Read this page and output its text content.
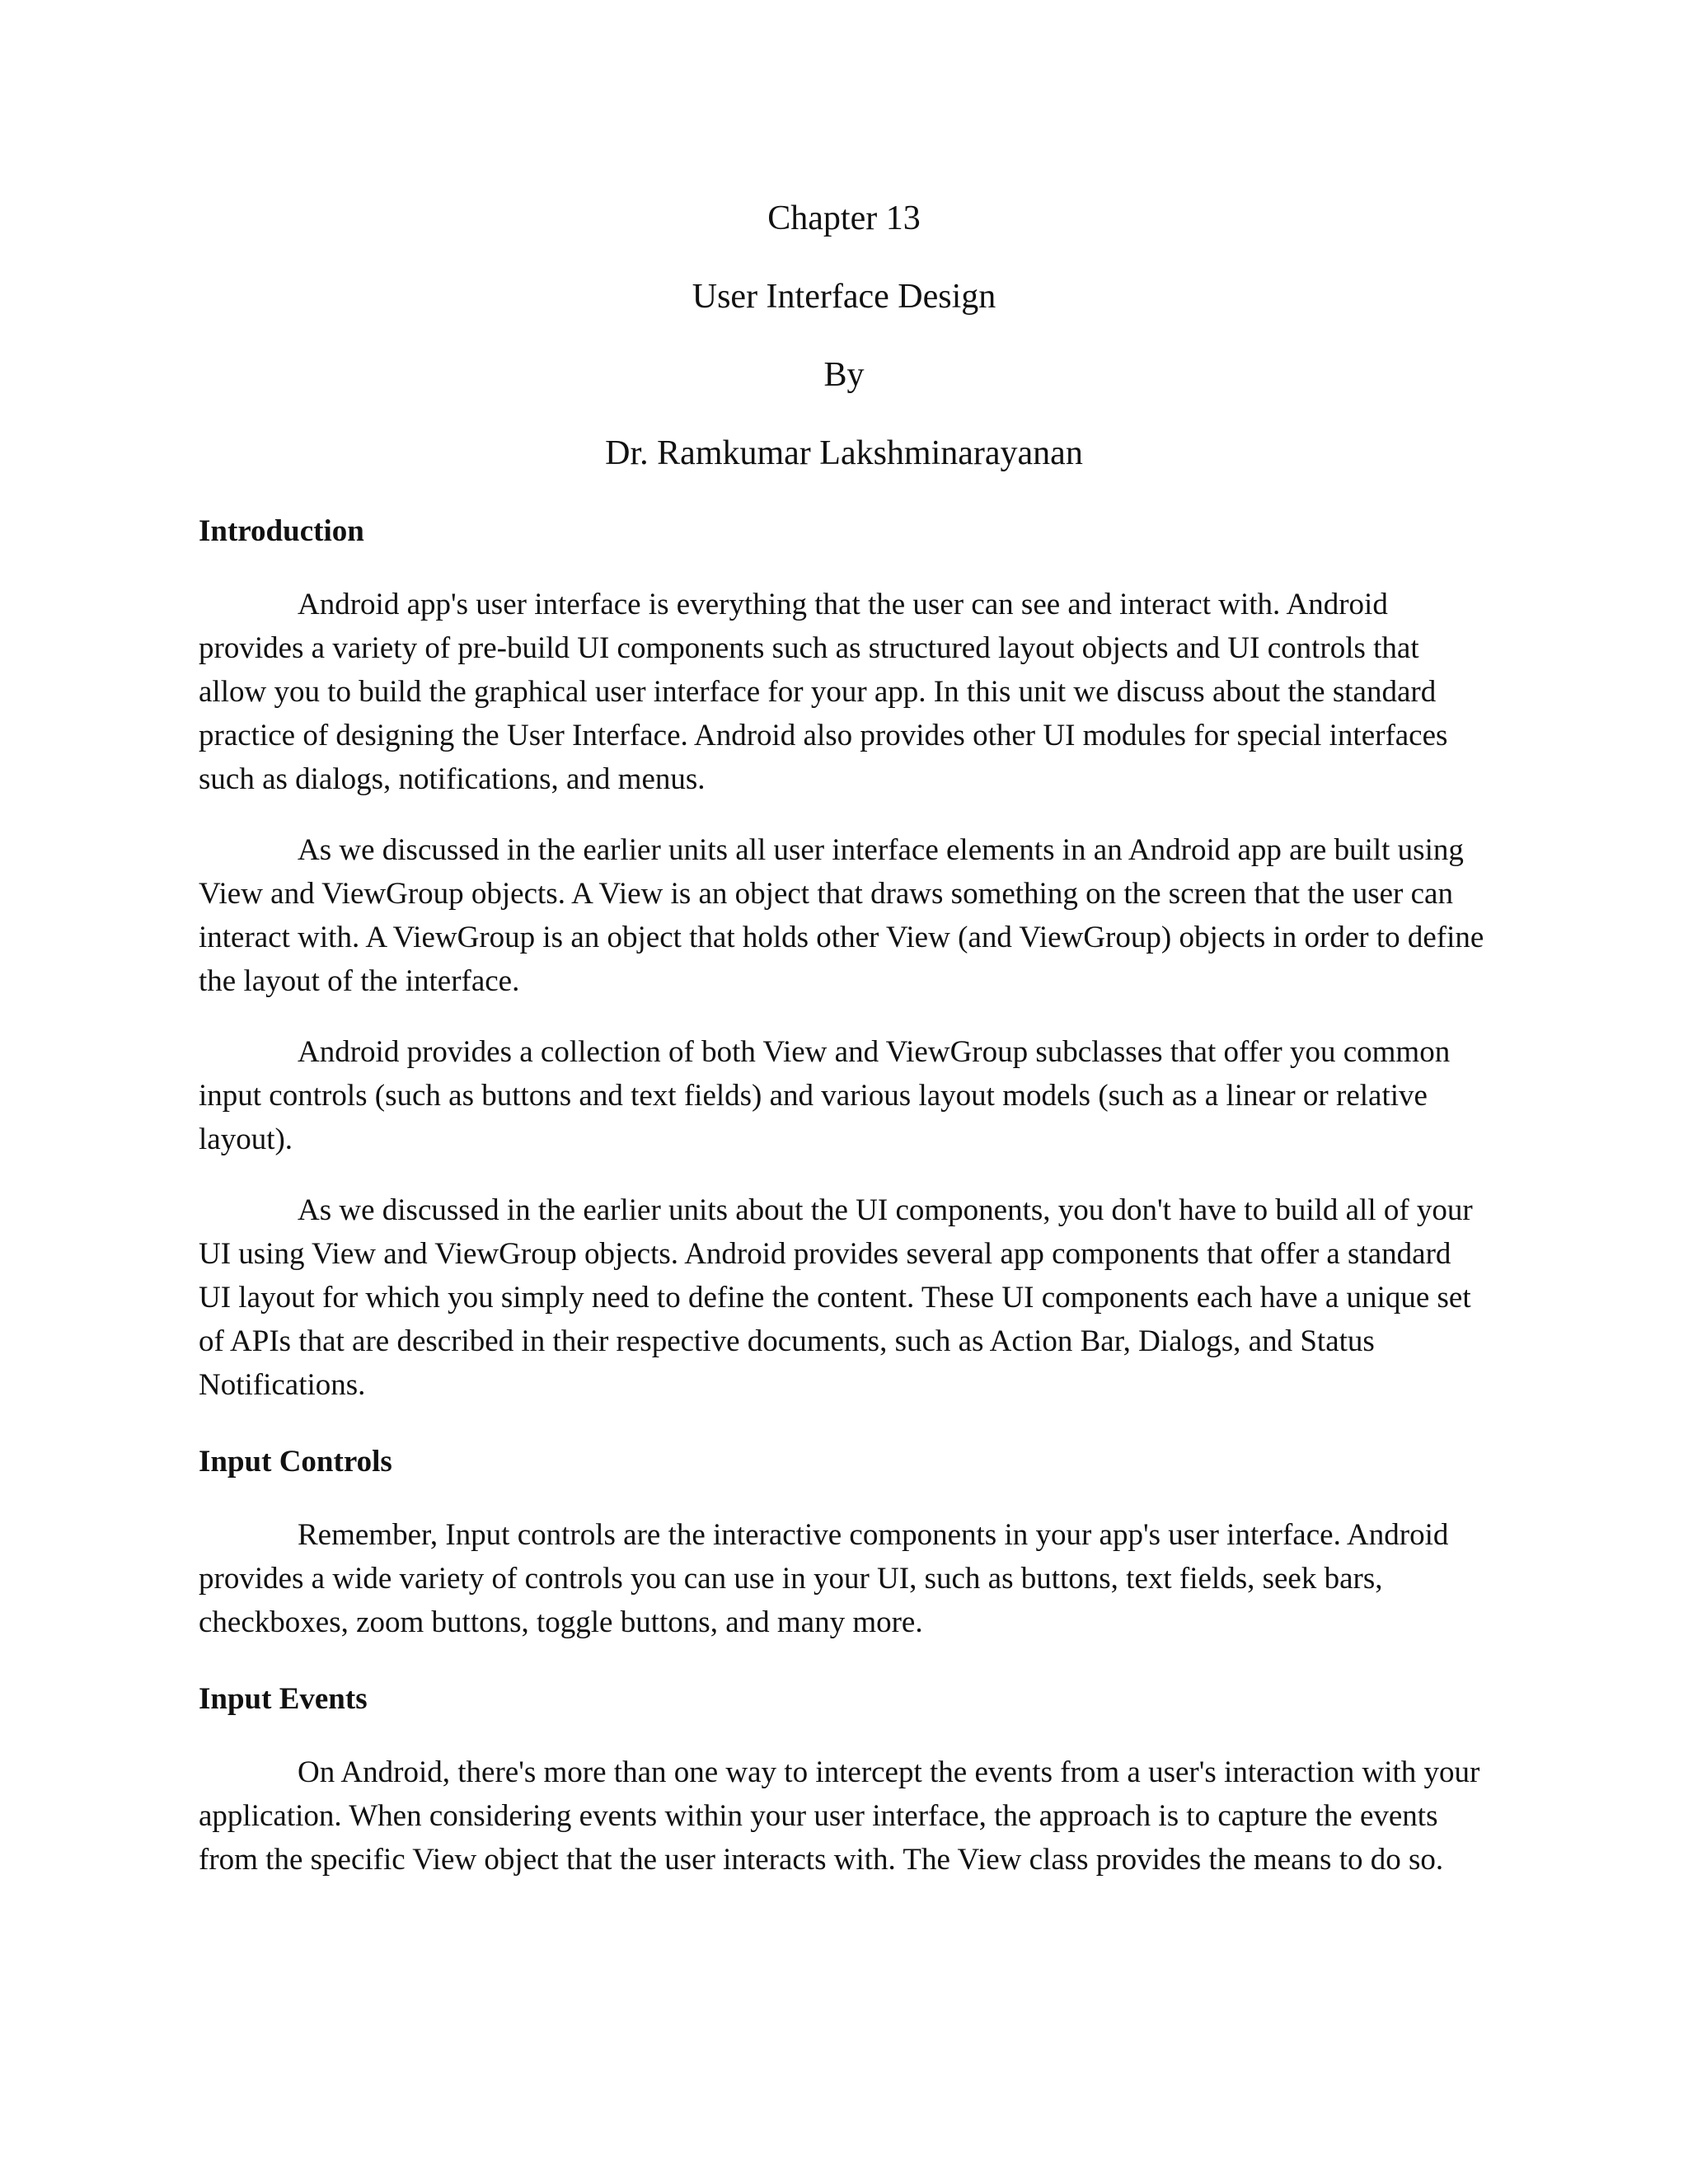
Chapter 13
User Interface Design
By
Dr. Ramkumar Lakshminarayanan
Introduction

Android app's user interface is everything that the user can see and interact with. Android provides a variety of pre-build UI components such as structured layout objects and UI controls that allow you to build the graphical user interface for your app. In this unit we discuss about the standard practice of designing the User Interface. Android also provides other UI modules for special interfaces such as dialogs, notifications, and menus.

As we discussed in the earlier units all user interface elements in an Android app are built using View and ViewGroup objects. A View is an object that draws something on the screen that the user can interact with. A ViewGroup is an object that holds other View (and ViewGroup) objects in order to define the layout of the interface.

Android provides a collection of both View and ViewGroup subclasses that offer you common input controls (such as buttons and text fields) and various layout models (such as a linear or relative layout).

As we discussed in the earlier units about the UI components, you don't have to build all of your UI using View and ViewGroup objects. Android provides several app components that offer a standard UI layout for which you simply need to define the content. These UI components each have a unique set of APIs that are described in their respective documents, such as Action Bar, Dialogs, and Status Notifications.

Input Controls

Remember, Input controls are the interactive components in your app's user interface. Android provides a wide variety of controls you can use in your UI, such as buttons, text fields, seek bars, checkboxes, zoom buttons, toggle buttons, and many more.

Input Events

On Android, there's more than one way to intercept the events from a user's interaction with your application. When considering events within your user interface, the approach is to capture the events from the specific View object that the user interacts with. The View class provides the means to do so.
